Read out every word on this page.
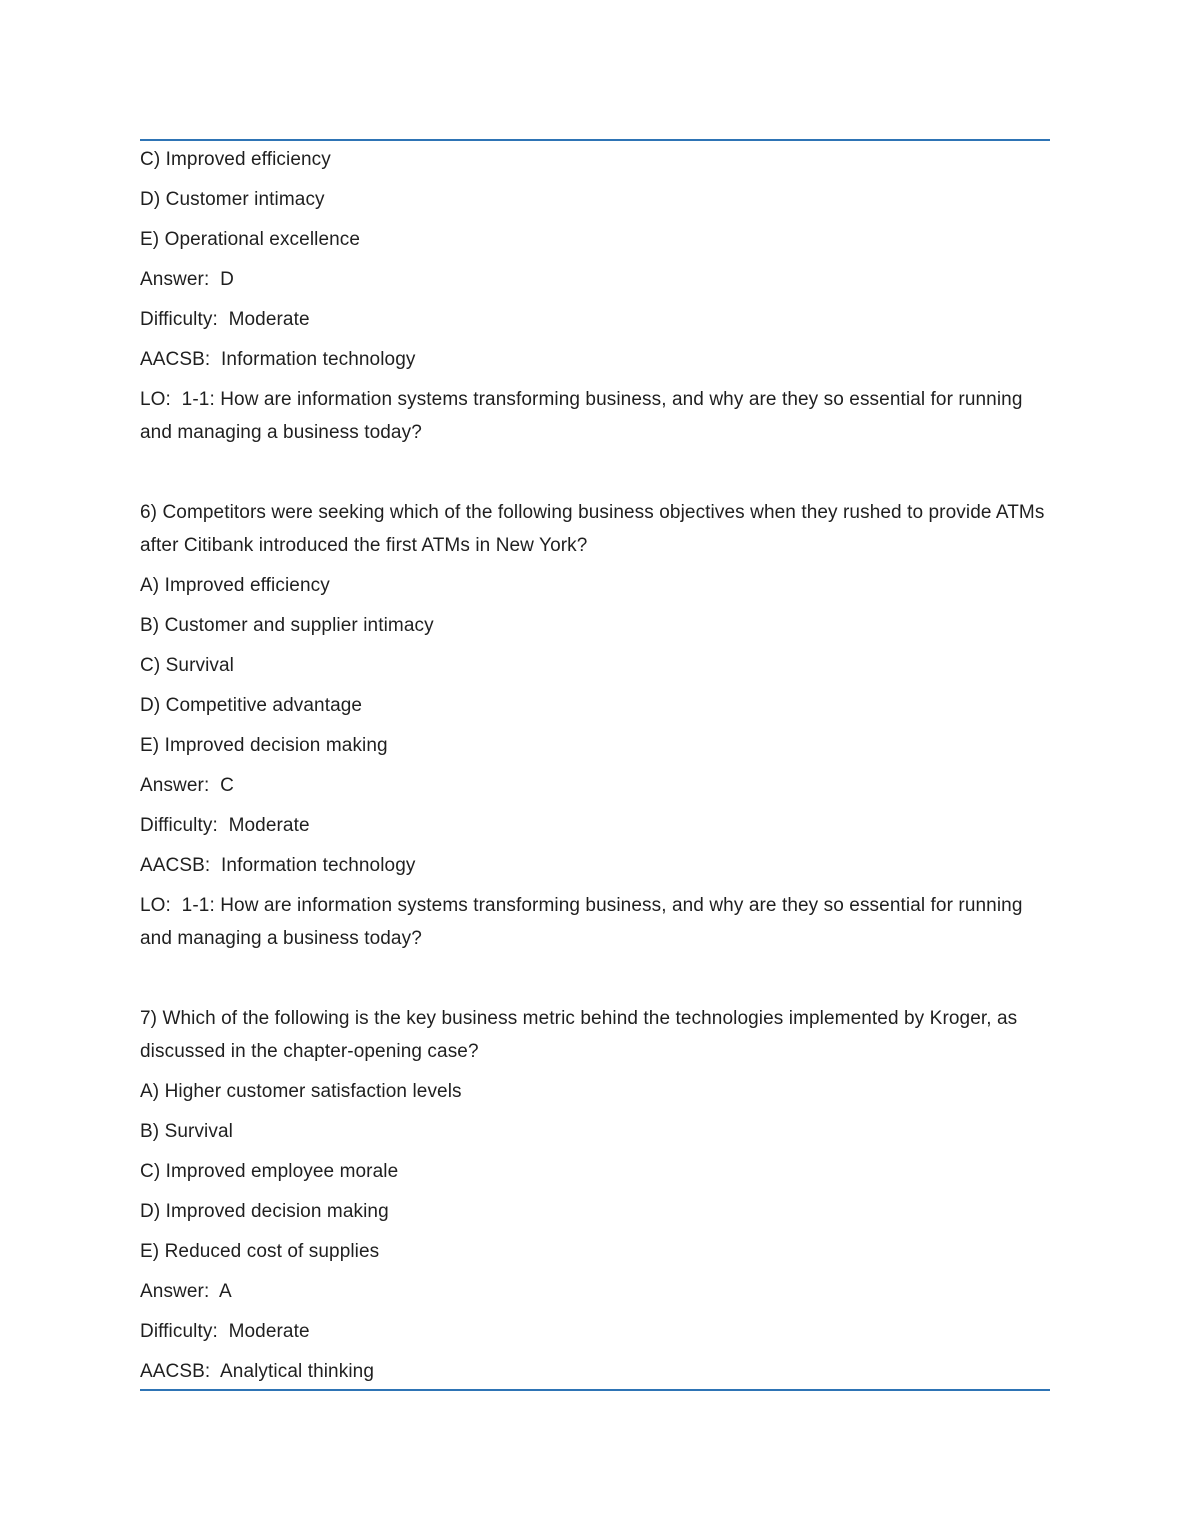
C) Improved efficiency

D) Customer intimacy

E) Operational excellence

Answer:  D

Difficulty:  Moderate

AACSB:  Information technology

LO:  1-1: How are information systems transforming business, and why are they so essential for running and managing a business today?

6) Competitors were seeking which of the following business objectives when they rushed to provide ATMs after Citibank introduced the first ATMs in New York?

A) Improved efficiency

B) Customer and supplier intimacy

C) Survival

D) Competitive advantage

E) Improved decision making

Answer:  C

Difficulty:  Moderate

AACSB:  Information technology

LO:  1-1: How are information systems transforming business, and why are they so essential for running and managing a business today?

7) Which of the following is the key business metric behind the technologies implemented by Kroger, as discussed in the chapter-opening case?

A) Higher customer satisfaction levels

B) Survival

C) Improved employee morale

D) Improved decision making

E) Reduced cost of supplies

Answer:  A

Difficulty:  Moderate

AACSB:  Analytical thinking
